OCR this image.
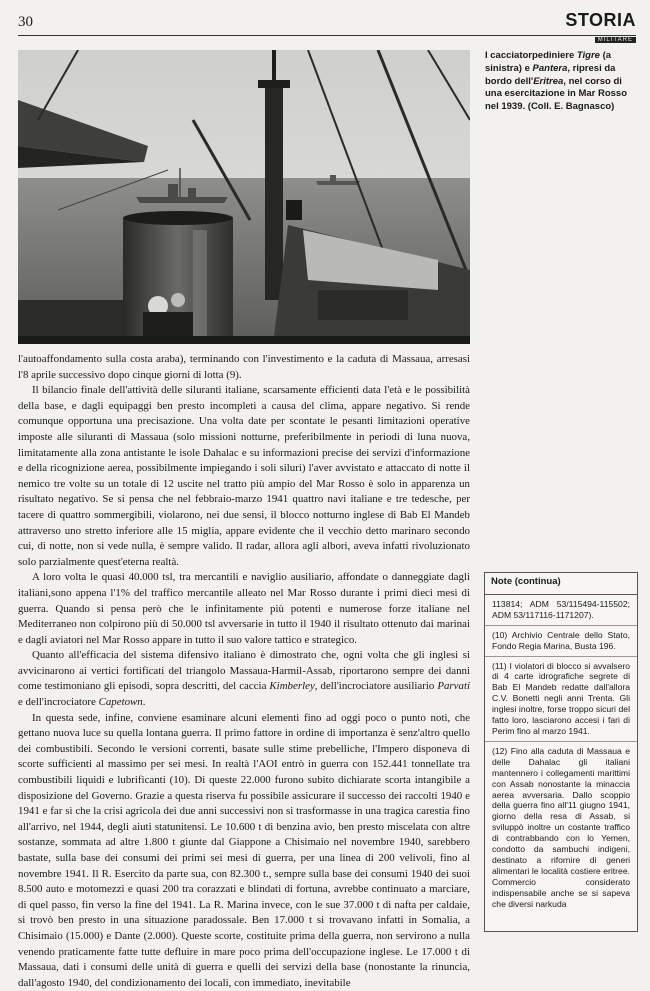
30	STORIA
MILITARE
I cacciatorpediniere Tigre (a sinistra) e Pantera, ripresi da bordo dell'Eritrea, nel corso di una esercitazione in Mar Rosso nel 1939. (Coll. E. Bagnasco)

l'autoaffondamento sulla costa araba), terminando con l'investimento e la caduta di Massaua, arresasi l'8 aprile successivo dopo cinque giorni di lotta (9).

Il bilancio finale dell'attività delle siluranti italiane, scarsamente efficienti data l'età e le possibilità della base, e dagli equipaggi ben presto incompleti a causa del clima, appare negativo. Si rende comunque opportuna una precisazione. Una volta date per scontate le pesanti limitazioni operative imposte alle siluranti di Massaua (solo missioni notturne, preferibilmente in periodi di luna nuova, limitatamente alla zona antistante le isole Dahalac e su informazioni precise dei servizi d'informazione e della ricognizione aerea, possibilmente impiegando i soli siluri) l'aver avvistato e attaccato di notte il nemico tre volte su un totale di 12 uscite nel tratto più ampio del Mar Rosso è solo in apparenza un risultato negativo. Se si pensa che nel febbraio-marzo 1941 quattro navi italiane e tre tedesche, per tacere di quattro sommergibili, violarono, nei due sensi, il blocco notturno inglese di Bab El Mandeb attraverso uno stretto inferiore alle 15 miglia, appare evidente che il vecchio detto marinaro secondo cui, di notte, non si vede nulla, è sempre valido. Il radar, allora agli albori, aveva infatti rivoluzionato solo parzialmente quest'eterna realtà.

A loro volta le quasi 40.000 tsl, tra mercantili e naviglio ausiliario, affondate o danneggiate dagli italiani,sono appena l'1% del traffico mercantile alleato nel Mar Rosso durante i primi dieci mesi di guerra. Quando si pensa però che le infinitamente più potenti e numerose forze italiane nel Mediterraneo non colpirono più di 50.000 tsl avversarie in tutto il 1940 il risultato ottenuto dai marinai e dagli aviatori nel Mar Rosso appare in tutto il suo valore tattico e strategico.

Quanto all'efficacia del sistema difensivo italiano è dimostrato che, ogni volta che gli inglesi si avvicinarono ai vertici fortificati del triangolo Massaua-Harmil-Assab, riportarono sempre dei danni come testimoniano gli episodi, sopra descritti, del caccia Kimberley, dell'incrociatore ausiliario Parvati e dell'incrociatore Capetown.

In questa sede, infine, conviene esaminare alcuni elementi fino ad oggi poco o punto noti, che gettano nuova luce su quella lontana guerra. Il primo fattore in ordine di importanza è senz'altro quello dei combustibili. Secondo le versioni correnti, basate sulle stime prebelliche, l'Impero disponeva di scorte sufficienti al massimo per sei mesi. In realtà l'AOI entrò in guerra con 152.441 tonnellate tra combustibili liquidi e lubrificanti (10). Di queste 22.000 furono subito dichiarate scorta intangibile a disposizione del Governo. Grazie a questa riserva fu possibile assicurare il successo dei raccolti 1940 e 1941 e far sì che la crisi agricola dei due anni successivi non si trasformasse in una tragica carestia fino all'arrivo, nel 1944, degli aiuti statunitensi. Le 10.600 t di benzina avio, ben presto miscelata con altre sostanze, sommata ad altre 1.800 t giunte dal Giappone a Chisimaio nel novembre 1940, sarebbero bastate, sulla base dei consumi dei primi sei mesi di guerra, per una linea di 200 velivoli, fino al novembre 1941. Il R. Esercito da parte sua, con 82.300 t., sempre sulla base dei consumi 1940 dei suoi 8.500 auto e motomezzi e quasi 200 tra corazzati e blindati di fortuna, avrebbe continuato a marciare, di quel passo, fin verso la fine del 1941. La R. Marina invece, con le sue 37.000 t di nafta per caldaie, si trovò ben presto in una situazione paradossale. Ben 17.000 t si trovavano infatti in Somalia, a Chisimaio (15.000) e Dante (2.000). Queste scorte, costituite prima della guerra, non servirono a nulla venendo praticamente fatte tutte defluire in mare poco prima dell'occupazione inglese. Le 17.000 t di Massaua, dati i consumi delle unità di guerra e quelli dei servizi della base (nonostante la rinuncia, dall'agosto 1940, del condizionamento dei locali, con immediato, inevitabile

Note (continua)
113814; ADM 53/115494-115502; ADM 53/117116-1171207).
(10) Archivio Centrale dello Stato, Fondo Regia Marina, Busta 196.
(11) I violatori di blocco si avvalsero di 4 carte idrografiche segrete di Bab El Mandeb redatte dall'allora C.V. Bonetti negli anni Trenta. Gli inglesi inoltre, forse troppo sicuri del fatto loro, lasciarono accesi i fari di Perim fino al marzo 1941.
(12) Fino alla caduta di Massaua e delle Dahalac gli italiani mantennero i collegamenti marittimi con Assab nonostante la minaccia aerea avversaria. Dallo scoppio della guerra fino all'11 giugno 1941, giorno della resa di Assab, si sviluppò inoltre un costante traffico di contrabbando con lo Yemen, condotto da sambuchi indigeni, destinato a rifornire di generi alimentari le località costiere eritree. Commercio considerato indispensabile anche se si sapeva che diversi narkuda
